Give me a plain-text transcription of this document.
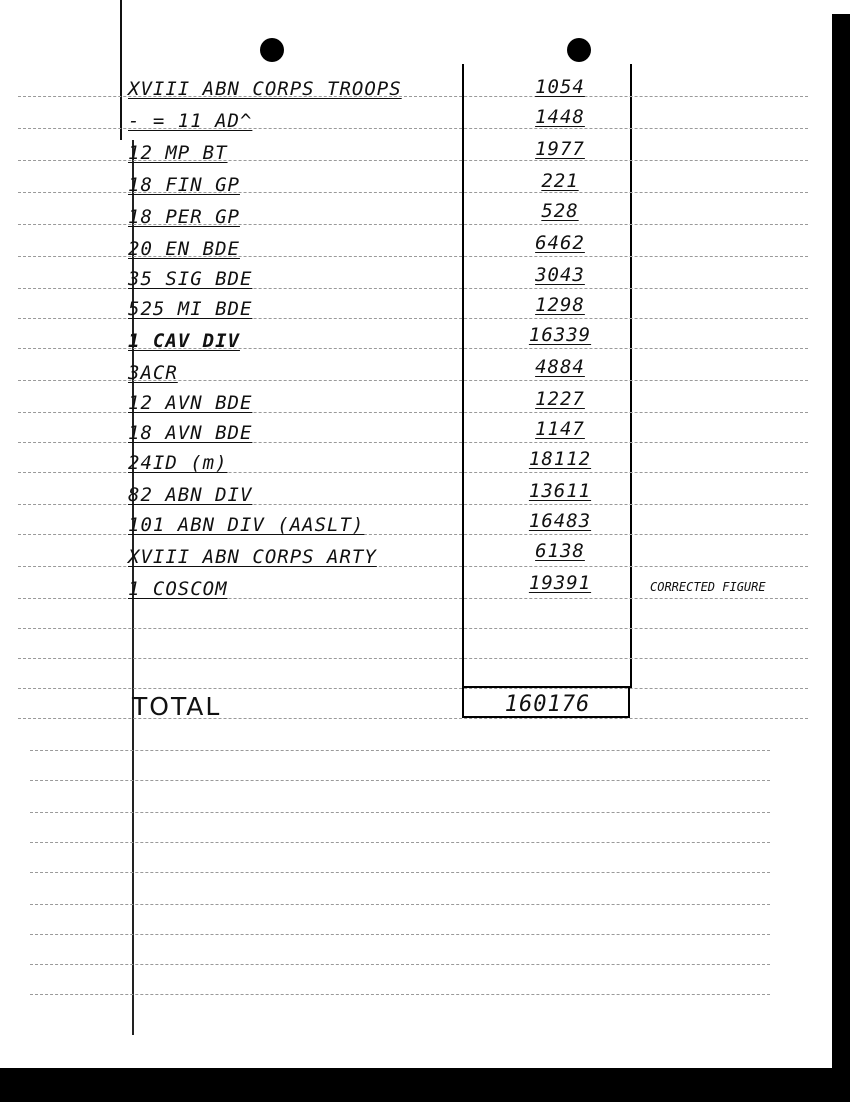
XVIII ABN CORPS TROOPS	1054
- = 11 AD^	1448
12 MP BT	1977
18 FIN GP	221
18 PER GP	528
20 EN BDE	6462
35 SIG BDE	3043
525 MI BDE	1298
1 CAV DIV	16339
3ACR	4884
12 AVN BDE	1227
18 AVN BDE	1147
24ID (m)	18112
82 ABN DIV	13611
101 ABN DIV (AASLT)	16483
XVIII ABN CORPS ARTY	6138
1 COSCOM	19391	CORRECTED FIGURE
TOTAL	160176
